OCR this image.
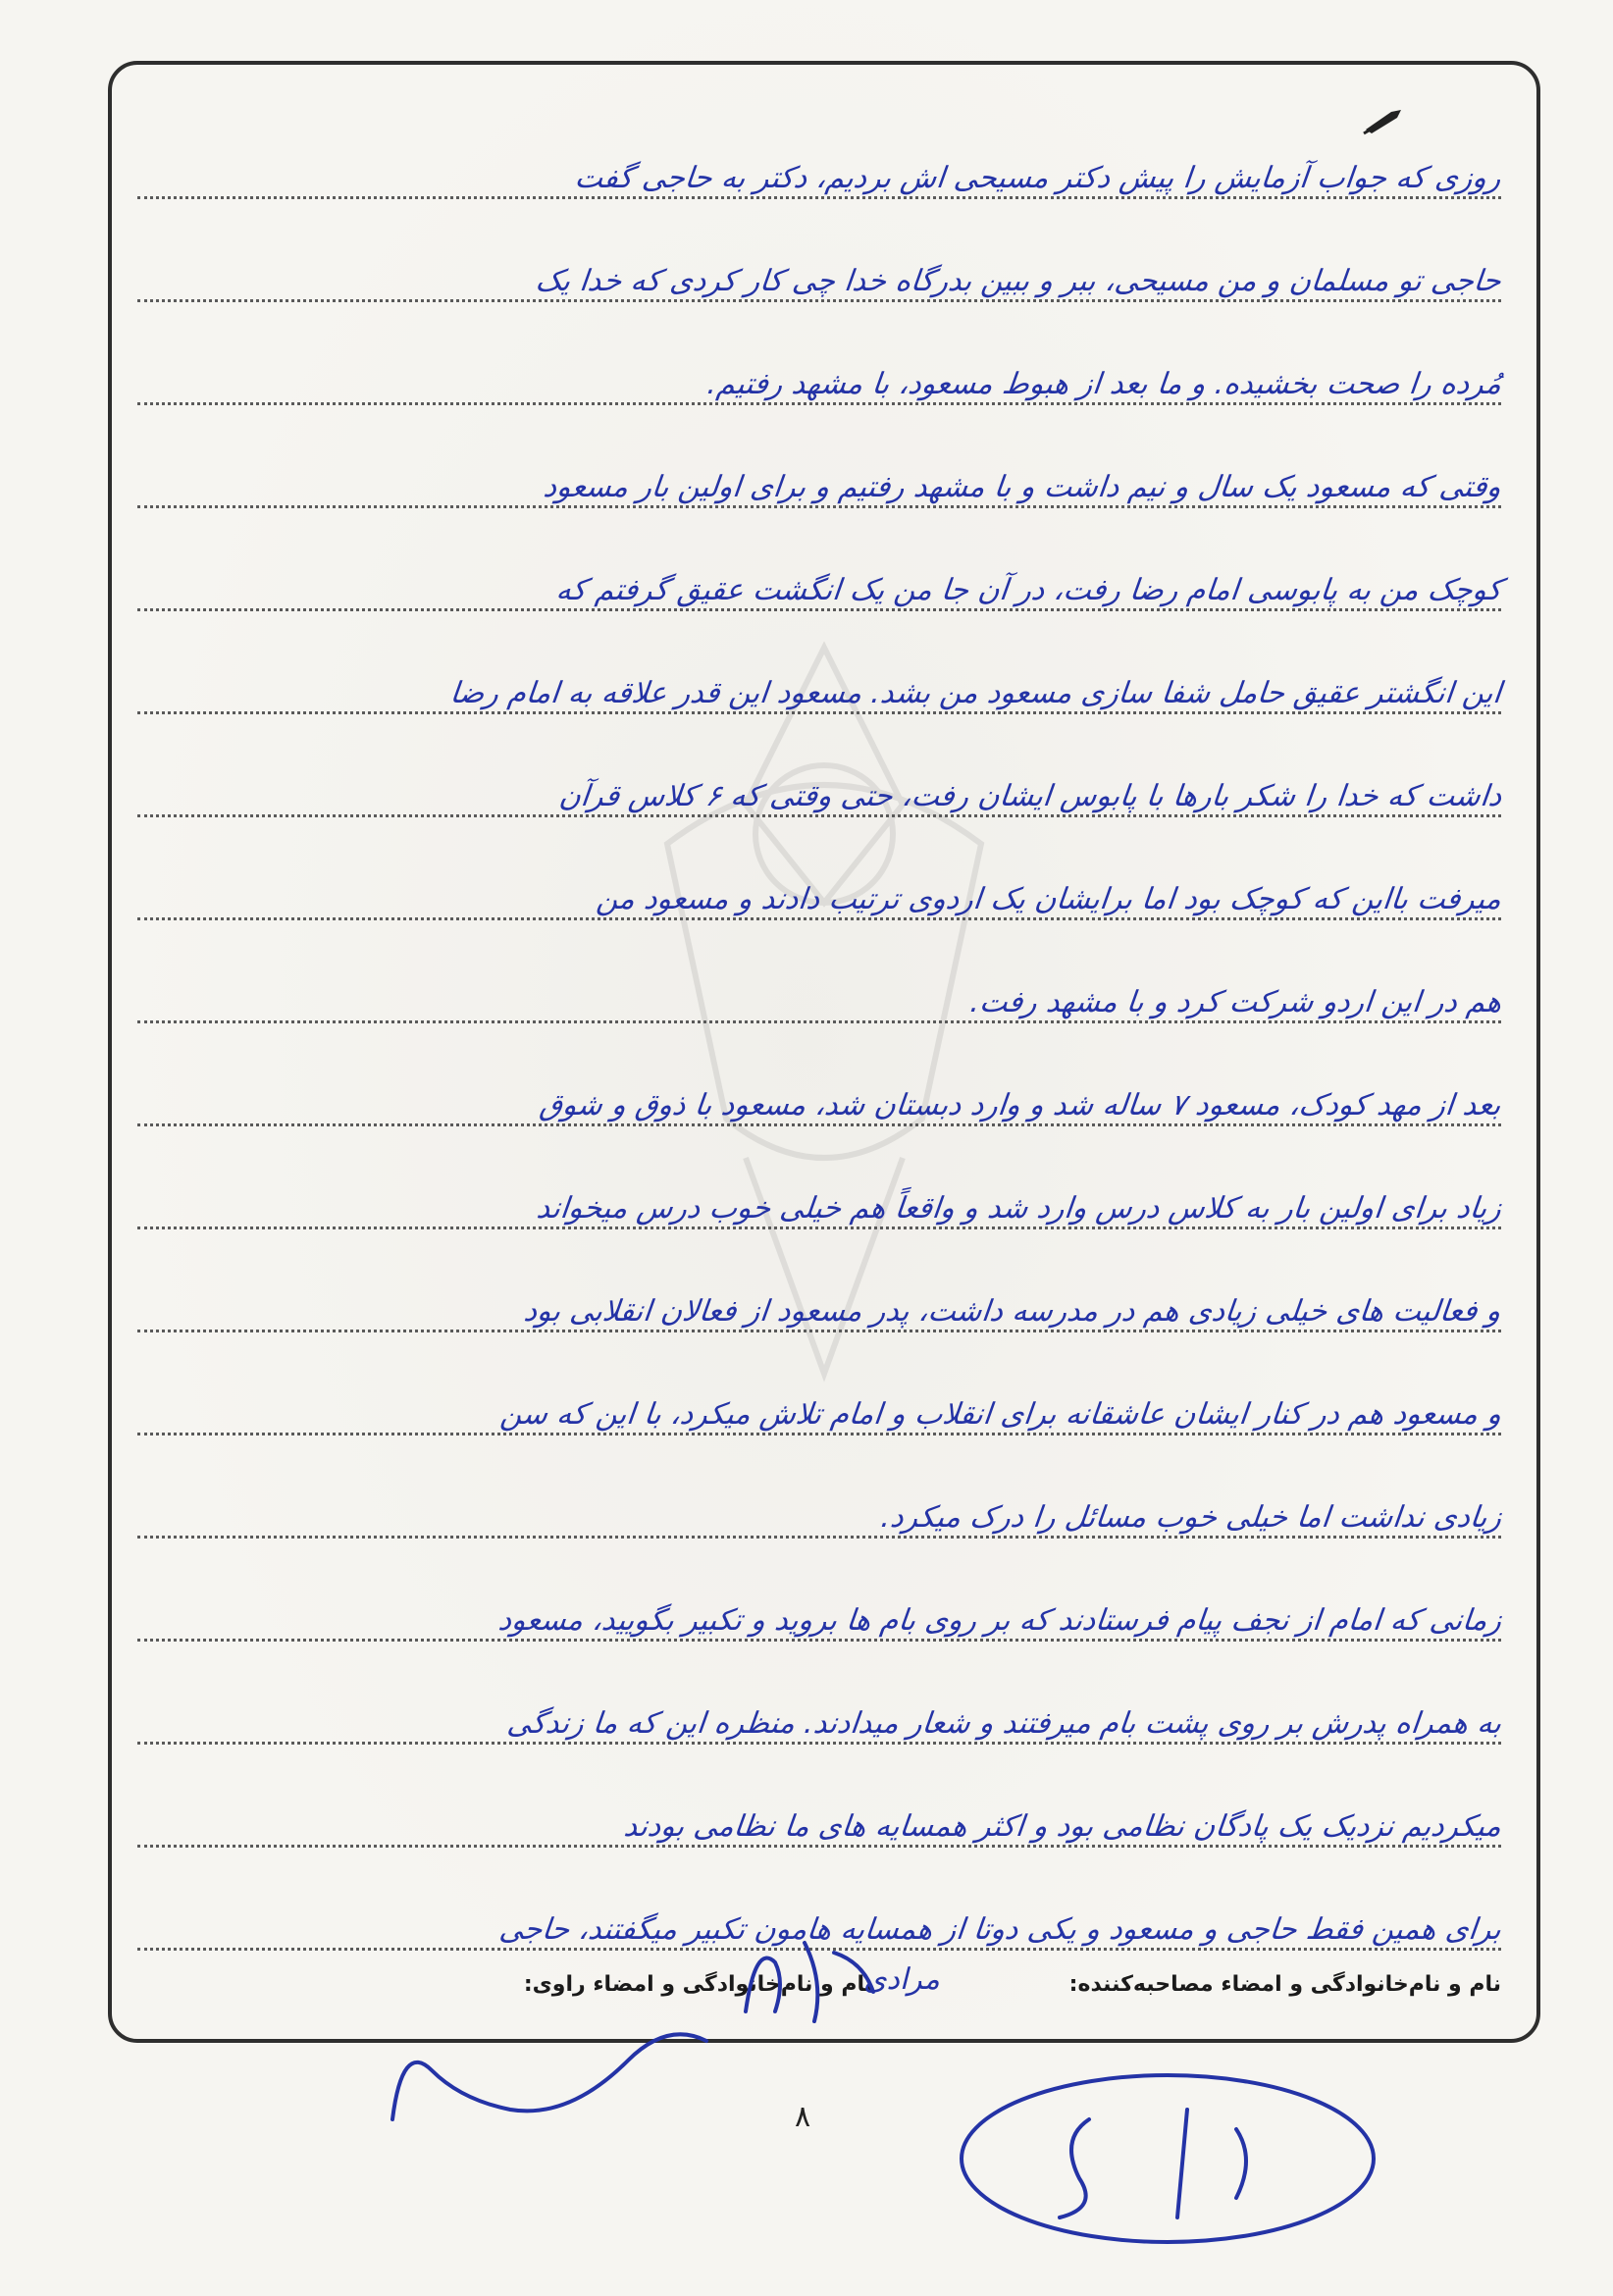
روزی که جواب آزمایش را پیش دکتر مسیحی اش بردیم، دکتر به حاجی گفت
حاجی تو مسلمان و من مسیحی، ببر و ببین بدرگاه خدا چی کار کردی که خدا یک
مُرده را صحت بخشیده. و ما بعد از هبوط مسعود، با مشهد رفتیم.
وقتی که مسعود یک سال و نیم داشت و با مشهد رفتیم و برای اولین بار مسعود
کوچک من به پابوسی امام رضا رفت، در آن جا من یک انگشت عقیق گرفتم که
این انگشتر عقیق حامل شفا سازی مسعود من بشد. مسعود این قدر علاقه به امام رضا
داشت که خدا را شکر بارها با پابوس ایشان رفت، حتی وقتی که ۶ کلاس قرآن
میرفت بااین که کوچک بود اما برایشان یک اردوی ترتیب دادند و مسعود من
هم در این اردو شرکت کرد و با مشهد رفت.
بعد از مهد کودک، مسعود ۷ ساله شد و وارد دبستان شد، مسعود با ذوق و شوق
زیاد برای اولین بار به کلاس درس وارد شد و واقعاً هم خیلی خوب درس میخواند
و فعالیت های خیلی زیادی هم در مدرسه داشت، پدر مسعود از فعالان انقلابی بود
و مسعود هم در کنار ایشان عاشقانه برای انقلاب و امام تلاش میکرد، با این که سن
زیادی نداشت اما خیلی خوب مسائل را درک میکرد.
زمانی که امام از نجف پیام فرستادند که بر روی بام ها بروید و تکبیر بگویید، مسعود
به همراه پدرش بر روی پشت بام میرفتند و شعار میدادند. منظره این که ما زندگی
میکردیم نزدیک یک پادگان نظامی بود و اکثر همسایه های ما نظامی بودند
برای همین فقط حاجی و مسعود و یکی دوتا از همسایه هامون تکبیر میگفتند، حاجی
نام و نام‌خانوادگی و امضاء مصاحبه‌کننده:
نام و نام‌خانوادگی و امضاء راوی:
مرادی
۸
